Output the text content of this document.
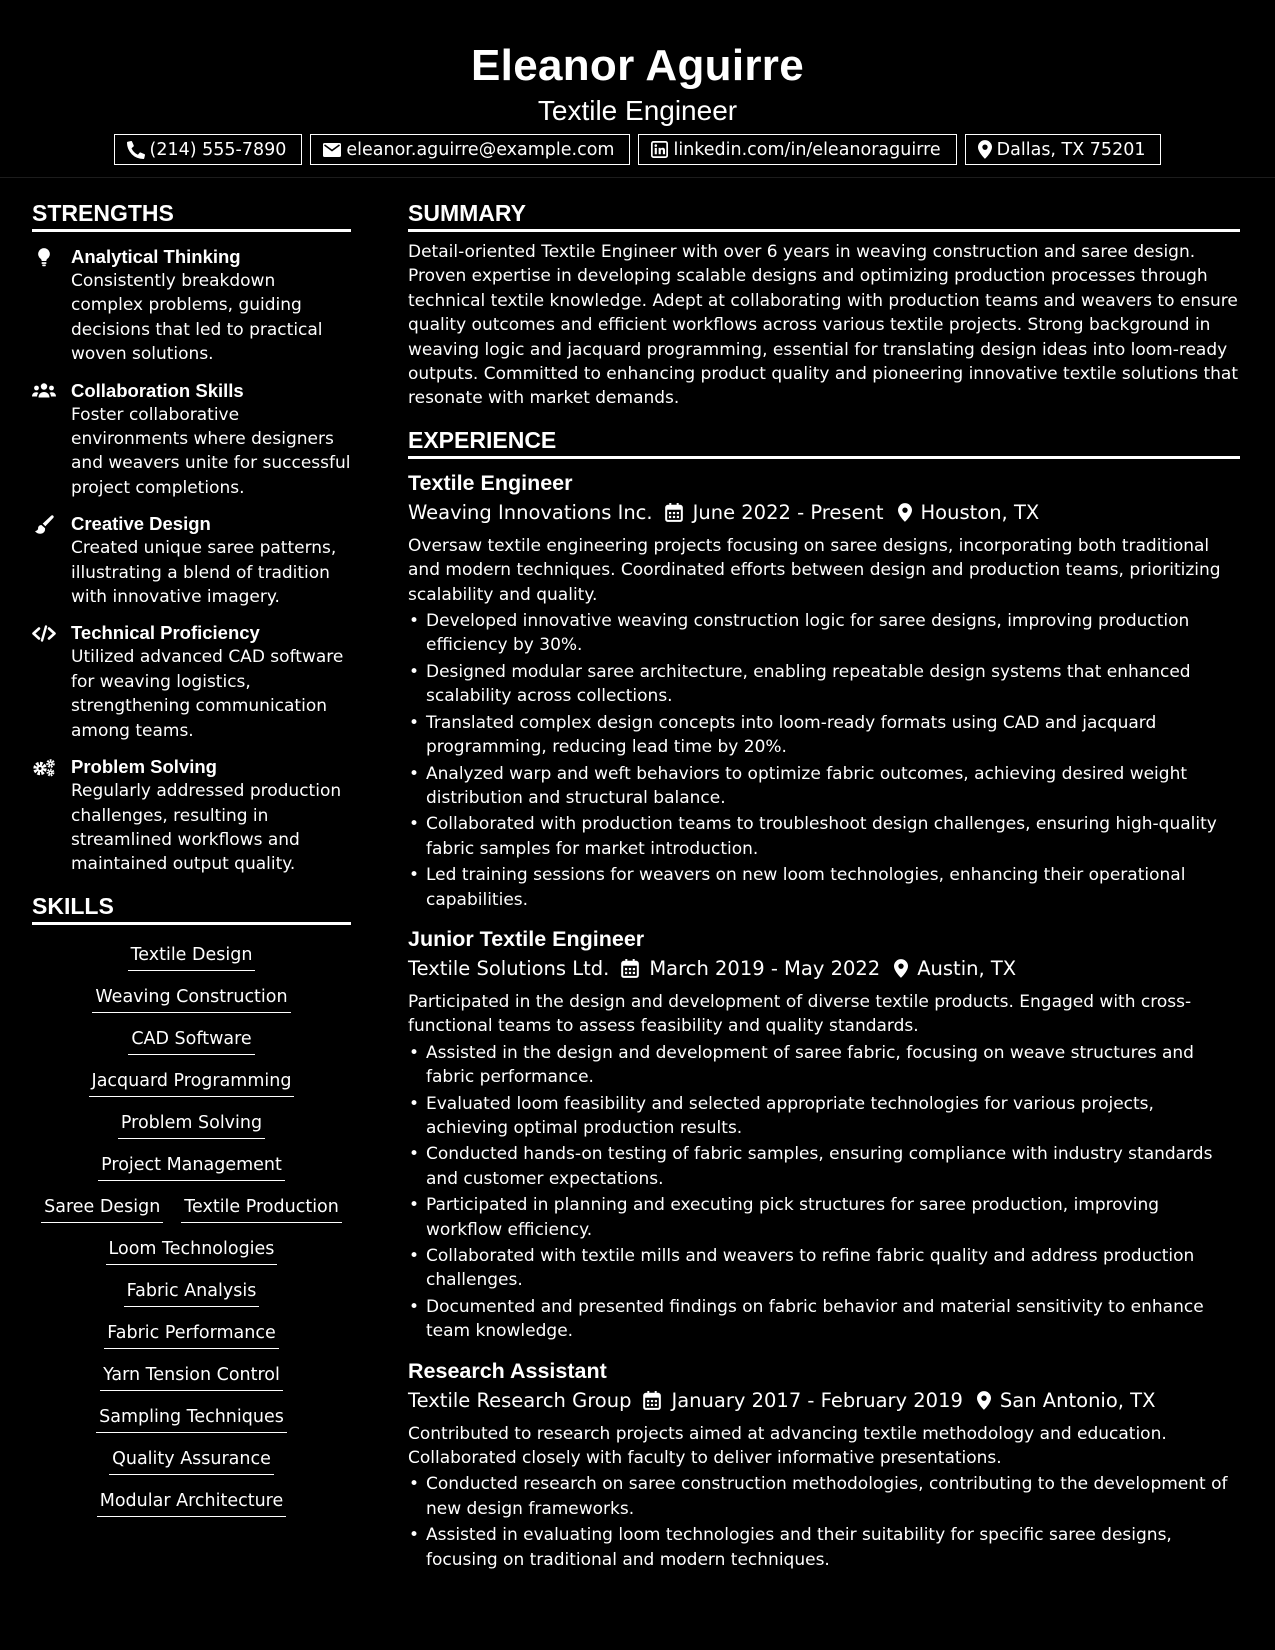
Eleanor Aguirre
Textile Engineer
(214) 555-7890	eleanor.aguirre@example.com	linkedin.com/in/eleanoraguirre	Dallas, TX 75201
STRENGTHS
Analytical Thinking
Consistently breakdown complex problems, guiding decisions that led to practical woven solutions.
Collaboration Skills
Foster collaborative environments where designers and weavers unite for successful project completions.
Creative Design
Created unique saree patterns, illustrating a blend of tradition with innovative imagery.
Technical Proficiency
Utilized advanced CAD software for weaving logistics, strengthening communication among teams.
Problem Solving
Regularly addressed production challenges, resulting in streamlined workflows and maintained output quality.
SKILLS
Textile Design
Weaving Construction
CAD Software
Jacquard Programming
Problem Solving
Project Management
Saree Design Textile Production
Loom Technologies
Fabric Analysis
Fabric Performance
Yarn Tension Control
Sampling Techniques
Quality Assurance
Modular Architecture
SUMMARY
Detail-oriented Textile Engineer with over 6 years in weaving construction and saree design. Proven expertise in developing scalable designs and optimizing production processes through technical textile knowledge. Adept at collaborating with production teams and weavers to ensure quality outcomes and efficient workflows across various textile projects. Strong background in weaving logic and jacquard programming, essential for translating design ideas into loom-ready outputs. Committed to enhancing product quality and pioneering innovative textile solutions that resonate with market demands.
EXPERIENCE
Textile Engineer
Weaving Innovations Inc. June 2022 - Present Houston, TX
Oversaw textile engineering projects focusing on saree designs, incorporating both traditional and modern techniques. Coordinated efforts between design and production teams, prioritizing scalability and quality.
• Developed innovative weaving construction logic for saree designs, improving production efficiency by 30%.
• Designed modular saree architecture, enabling repeatable design systems that enhanced scalability across collections.
• Translated complex design concepts into loom-ready formats using CAD and jacquard programming, reducing lead time by 20%.
• Analyzed warp and weft behaviors to optimize fabric outcomes, achieving desired weight distribution and structural balance.
• Collaborated with production teams to troubleshoot design challenges, ensuring high-quality fabric samples for market introduction.
• Led training sessions for weavers on new loom technologies, enhancing their operational capabilities.
Junior Textile Engineer
Textile Solutions Ltd. March 2019 - May 2022 Austin, TX
Participated in the design and development of diverse textile products. Engaged with cross-functional teams to assess feasibility and quality standards.
• Assisted in the design and development of saree fabric, focusing on weave structures and fabric performance.
• Evaluated loom feasibility and selected appropriate technologies for various projects, achieving optimal production results.
• Conducted hands-on testing of fabric samples, ensuring compliance with industry standards and customer expectations.
• Participated in planning and executing pick structures for saree production, improving workflow efficiency.
• Collaborated with textile mills and weavers to refine fabric quality and address production challenges.
• Documented and presented findings on fabric behavior and material sensitivity to enhance team knowledge.
Research Assistant
Textile Research Group January 2017 - February 2019 San Antonio, TX
Contributed to research projects aimed at advancing textile methodology and education. Collaborated closely with faculty to deliver informative presentations.
• Conducted research on saree construction methodologies, contributing to the development of new design frameworks.
• Assisted in evaluating loom technologies and their suitability for specific saree designs, focusing on traditional and modern techniques.
